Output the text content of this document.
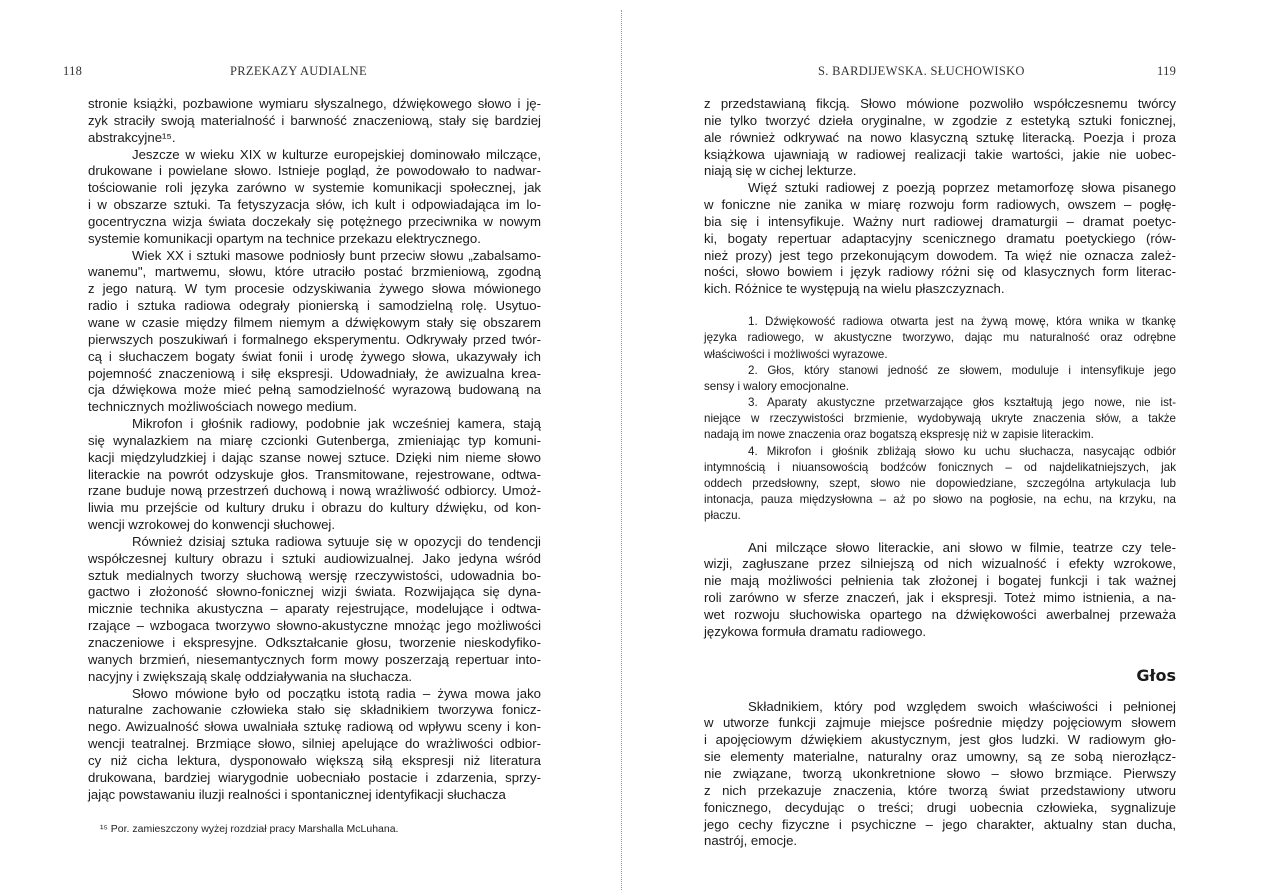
118	PRZEKAZY AUDIALNE
stronie książki, pozbawione wymiaru słyszalnego, dźwiękowego słowo i ję-
zyk straciły swoją materialność i barwność znaczeniową, stały się bardziej
abstrakcyjne¹⁵.
Jeszcze w wieku XIX w kulturze europejskiej dominowało milczące,
drukowane i powielane słowo. Istnieje pogląd, że powodowało to nadwar-
tościowanie roli języka zarówno w systemie komunikacji społecznej, jak
i w obszarze sztuki. Ta fetyszyzacja słów, ich kult i odpowiadająca im lo-
gocentryczna wizja świata doczekały się potężnego przeciwnika w nowym
systemie komunikacji opartym na technice przekazu elektrycznego.
Wiek XX i sztuki masowe podniosły bunt przeciw słowu „zabalsamo-
wanemu", martwemu, słowu, które utraciło postać brzmieniową, zgodną
z jego naturą. W tym procesie odzyskiwania żywego słowa mówionego
radio i sztuka radiowa odegrały pionierską i samodzielną rolę. Usytuo-
wane w czasie między filmem niemym a dźwiękowym stały się obszarem
pierwszych poszukiwań i formalnego eksperymentu. Odkrywały przed twór-
cą i słuchaczem bogaty świat fonii i urodę żywego słowa, ukazywały ich
pojemność znaczeniową i siłę ekspresji. Udowadniały, że awizualna krea-
cja dźwiękowa może mieć pełną samodzielność wyrazową budowaną na
technicznych możliwościach nowego medium.
Mikrofon i głośnik radiowy, podobnie jak wcześniej kamera, stają
się wynalazkiem na miarę czcionki Gutenberga, zmieniając typ komuni-
kacji międzyludzkiej i dając szanse nowej sztuce. Dzięki nim nieme słowo
literackie na powrót odzyskuje głos. Transmitowane, rejestrowane, odtwa-
rzane buduje nową przestrzeń duchową i nową wrażliwość odbiorcy. Umoż-
liwia mu przejście od kultury druku i obrazu do kultury dźwięku, od kon-
wencji wzrokowej do konwencji słuchowej.
Również dzisiaj sztuka radiowa sytuuje się w opozycji do tendencji
współczesnej kultury obrazu i sztuki audiowizualnej. Jako jedyna wśród
sztuk medialnych tworzy słuchową wersję rzeczywistości, udowadnia bo-
gactwo i złożoność słowno-fonicznej wizji świata. Rozwijająca się dyna-
micznie technika akustyczna – aparaty rejestrujące, modelujące i odtwa-
rzające – wzbogaca tworzywo słowno-akustyczne mnożąc jego możliwości
znaczeniowe i ekspresyjne. Odkształcanie głosu, tworzenie nieskodyfiko-
wanych brzmień, niesemantycznych form mowy poszerzają repertuar into-
nacyjny i zwiększają skalę oddziaływania na słuchacza.
Słowo mówione było od początku istotą radia – żywa mowa jako
naturalne zachowanie człowieka stało się składnikiem tworzywa fonicz-
nego. Awizualność słowa uwalniała sztukę radiową od wpływu sceny i kon-
wencji teatralnej. Brzmiące słowo, silniej apelujące do wrażliwości odbior-
cy niż cicha lektura, dysponowało większą siłą ekspresji niż literatura
drukowana, bardziej wiarygodnie uobecniało postacie i zdarzenia, sprzy-
jając powstawaniu iluzji realności i spontanicznej identyfikacji słuchacza
¹⁵ Por. zamieszczony wyżej rozdział pracy Marshalla McLuhana.
S. BARDIJEWSKA. SŁUCHOWISKO	119
z przedstawianą fikcją. Słowo mówione pozwoliło współczesnemu twórcy
nie tylko tworzyć dzieła oryginalne, w zgodzie z estetyką sztuki fonicznej,
ale również odkrywać na nowo klasyczną sztukę literacką. Poezja i proza
książkowa ujawniają w radiowej realizacji takie wartości, jakie nie uobec-
niają się w cichej lekturze.
Więź sztuki radiowej z poezją poprzez metamorfozę słowa pisanego
w foniczne nie zanika w miarę rozwoju form radiowych, owszem – pogłę-
bia się i intensyfikuje. Ważny nurt radiowej dramaturgii – dramat poetyc-
ki, bogaty repertuar adaptacyjny scenicznego dramatu poetyckiego (rów-
nież prozy) jest tego przekonującym dowodem. Ta więź nie oznacza zależ-
ności, słowo bowiem i język radiowy różni się od klasycznych form literac-
kich. Różnice te występują na wielu płaszczyznach.
1. Dźwiękowość radiowa otwarta jest na żywą mowę, która wnika w tkankę
języka radiowego, w akustyczne tworzywo, dając mu naturalność oraz odrębne
właściwości i możliwości wyrazowe.
2. Głos, który stanowi jedność ze słowem, moduluje i intensyfikuje jego
sensy i walory emocjonalne.
3. Aparaty akustyczne przetwarzające głos kształtują jego nowe, nie ist-
niejące w rzeczywistości brzmienie, wydobywają ukryte znaczenia słów, a także
nadają im nowe znaczenia oraz bogatszą ekspresję niż w zapisie literackim.
4. Mikrofon i głośnik zbliżają słowo ku uchu słuchacza, nasycając odbiór
intymnością i niuansowością bodźców fonicznych – od najdelikatniejszych, jak
oddech przedsłowny, szept, słowo nie dopowiedziane, szczególna artykulacja lub
intonacja, pauza międzysłowna – aż po słowo na pogłosie, na echu, na krzyku, na
płaczu.
Ani milczące słowo literackie, ani słowo w filmie, teatrze czy tele-
wizji, zagłuszane przez silniejszą od nich wizualność i efekty wzrokowe,
nie mają możliwości pełnienia tak złożonej i bogatej funkcji i tak ważnej
roli zarówno w sferze znaczeń, jak i ekspresji. Toteż mimo istnienia, a na-
wet rozwoju słuchowiska opartego na dźwiękowości awerbalnej przeważa
językowa formuła dramatu radiowego.
Głos
Składnikiem, który pod względem swoich właściwości i pełnionej
w utworze funkcji zajmuje miejsce pośrednie między pojęciowym słowem
i apojęciowym dźwiękiem akustycznym, jest głos ludzki. W radiowym gło-
sie elementy materialne, naturalny oraz umowny, są ze sobą nierozłącz-
nie związane, tworzą ukonkretnione słowo – słowo brzmiące. Pierwszy
z nich przekazuje znaczenia, które tworzą świat przedstawiony utworu
fonicznego, decydując o treści; drugi uobecnia człowieka, sygnalizuje
jego cechy fizyczne i psychiczne – jego charakter, aktualny stan ducha,
nastrój, emocje.
